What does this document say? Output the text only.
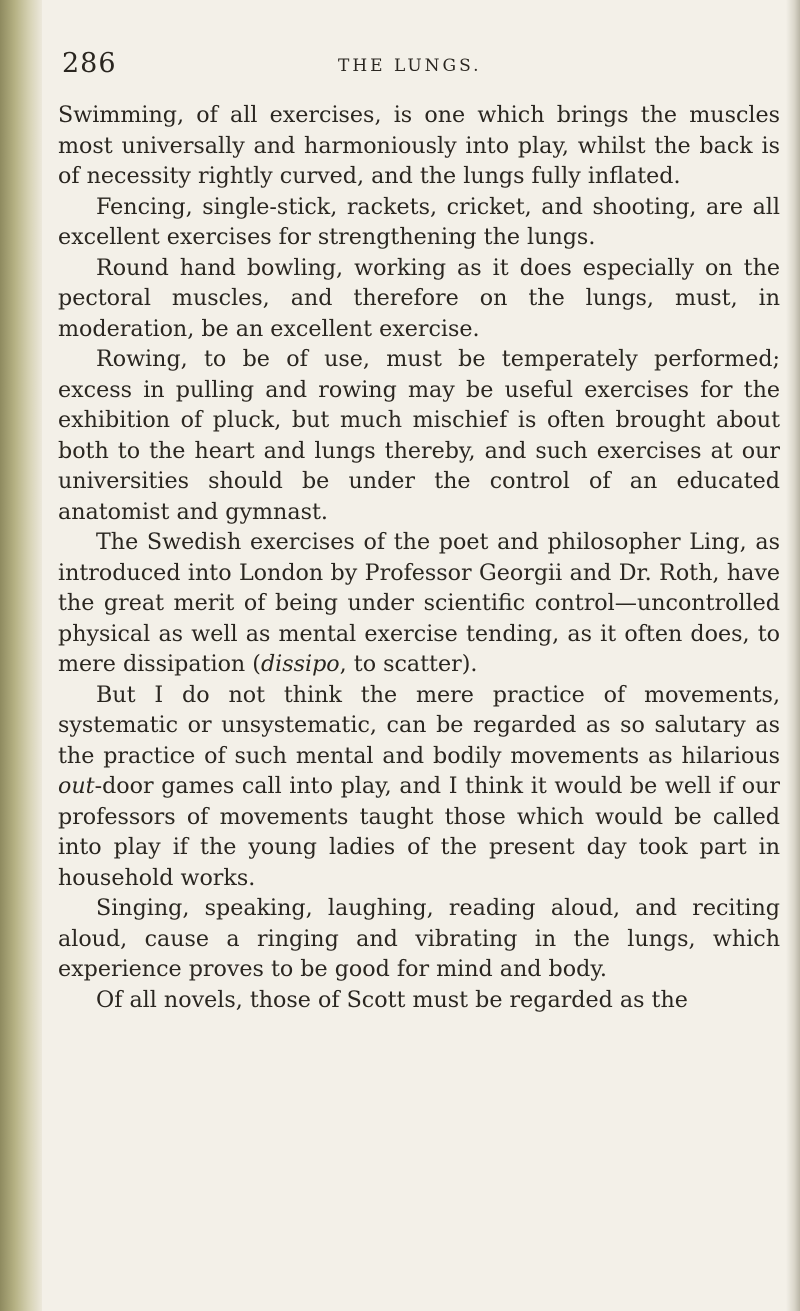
286	THE LUNGS.

Swimming, of all exercises, is one which brings the muscles most universally and harmoniously into play, whilst the back is of necessity rightly curved, and the lungs fully inflated.

Fencing, single-stick, rackets, cricket, and shooting, are all excellent exercises for strengthening the lungs.

Round hand bowling, working as it does especially on the pectoral muscles, and therefore on the lungs, must, in moderation, be an excellent exercise.

Rowing, to be of use, must be temperately performed; excess in pulling and rowing may be useful exercises for the exhibition of pluck, but much mischief is often brought about both to the heart and lungs thereby, and such exercises at our universities should be under the control of an educated anatomist and gymnast.

The Swedish exercises of the poet and philosopher Ling, as introduced into London by Professor Georgii and Dr. Roth, have the great merit of being under scientific control—uncontrolled physical as well as mental exercise tending, as it often does, to mere dissipation (dissipo, to scatter).

But I do not think the mere practice of movements, systematic or unsystematic, can be regarded as so salutary as the practice of such mental and bodily movements as hilarious out-door games call into play, and I think it would be well if our professors of movements taught those which would be called into play if the young ladies of the present day took part in household works.

Singing, speaking, laughing, reading aloud, and reciting aloud, cause a ringing and vibrating in the lungs, which experience proves to be good for mind and body.

Of all novels, those of Scott must be regarded as the
